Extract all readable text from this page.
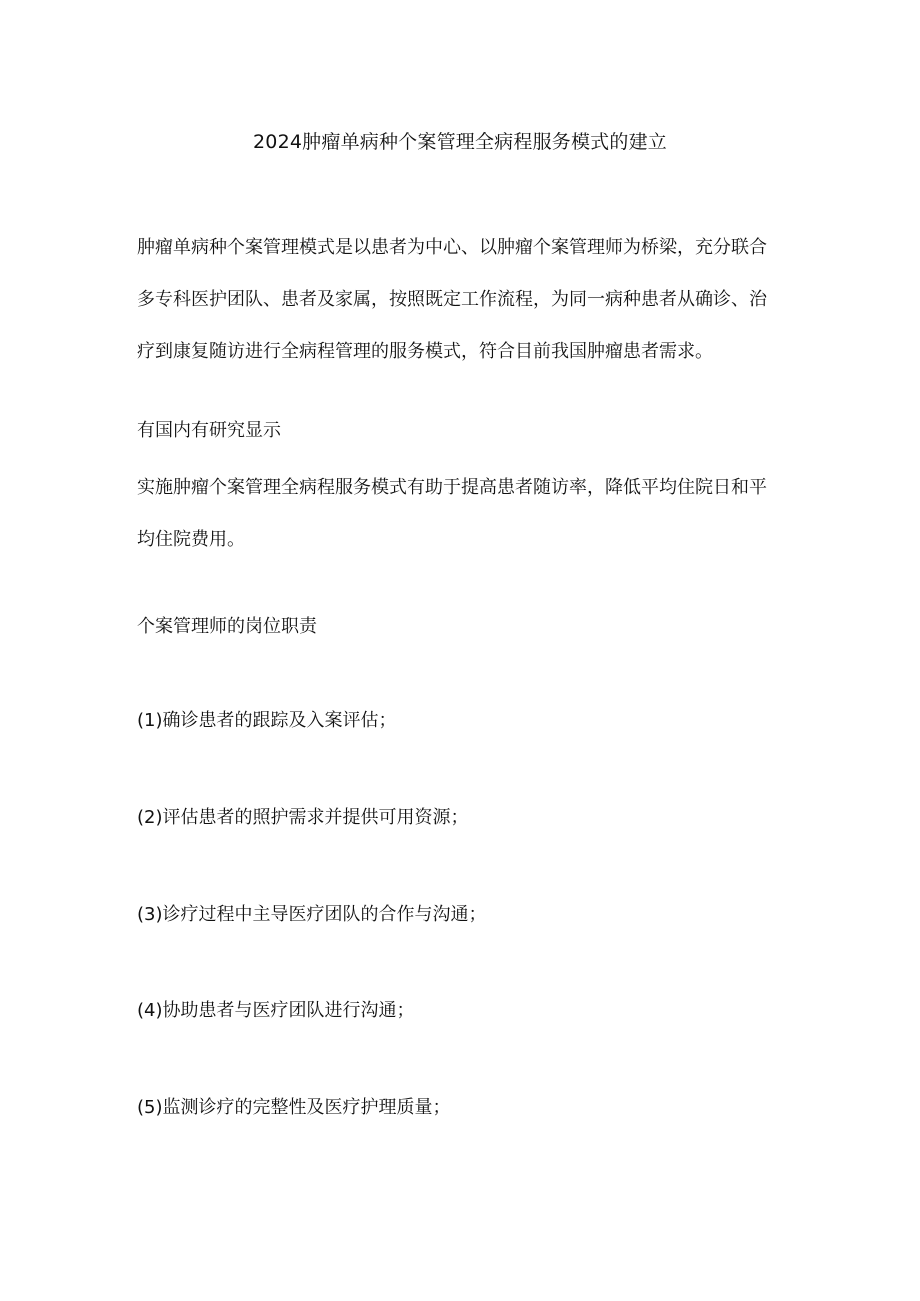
2024肿瘤单病种个案管理全病程服务模式的建立
肿瘤单病种个案管理模式是以患者为中心、以肿瘤个案管理师为桥梁，充分联合
多专科医护团队、患者及家属，按照既定工作流程，为同一病种患者从确诊、治
疗到康复随访进行全病程管理的服务模式，符合目前我国肿瘤患者需求。
有国内有研究显示
实施肿瘤个案管理全病程服务模式有助于提高患者随访率，降低平均住院日和平
均住院费用。
个案管理师的岗位职责
(1)确诊患者的跟踪及入案评估；
(2)评估患者的照护需求并提供可用资源；
(3)诊疗过程中主导医疗团队的合作与沟通；
(4)协助患者与医疗团队进行沟通；
(5)监测诊疗的完整性及医疗护理质量；
